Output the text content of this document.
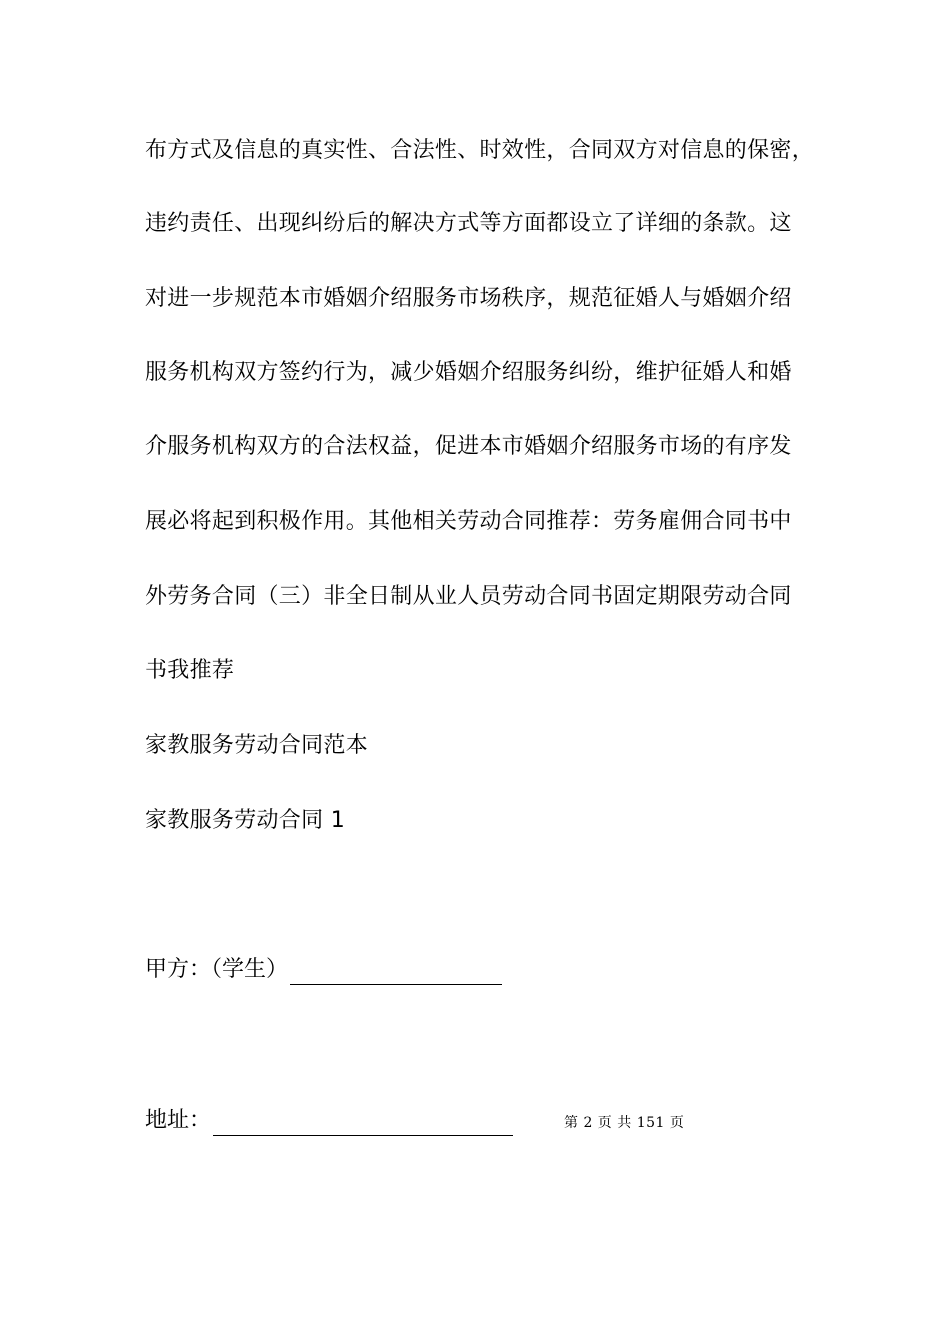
布方式及信息的真实性、合法性、时效性，合同双方对信息的保密，
违约责任、出现纠纷后的解决方式等方面都设立了详细的条款。这
对进一步规范本市婚姻介绍服务市场秩序，规范征婚人与婚姻介绍
服务机构双方签约行为，减少婚姻介绍服务纠纷，维护征婚人和婚
介服务机构双方的合法权益，促进本市婚姻介绍服务市场的有序发
展必将起到积极作用。其他相关劳动合同推荐：劳务雇佣合同书中
外劳务合同（三）非全日制从业人员劳动合同书固定期限劳动合同
书我推荐
家教服务劳动合同范本
家教服务劳动合同 1
甲方：（学生）
地址：	第 2 页 共 151 页
